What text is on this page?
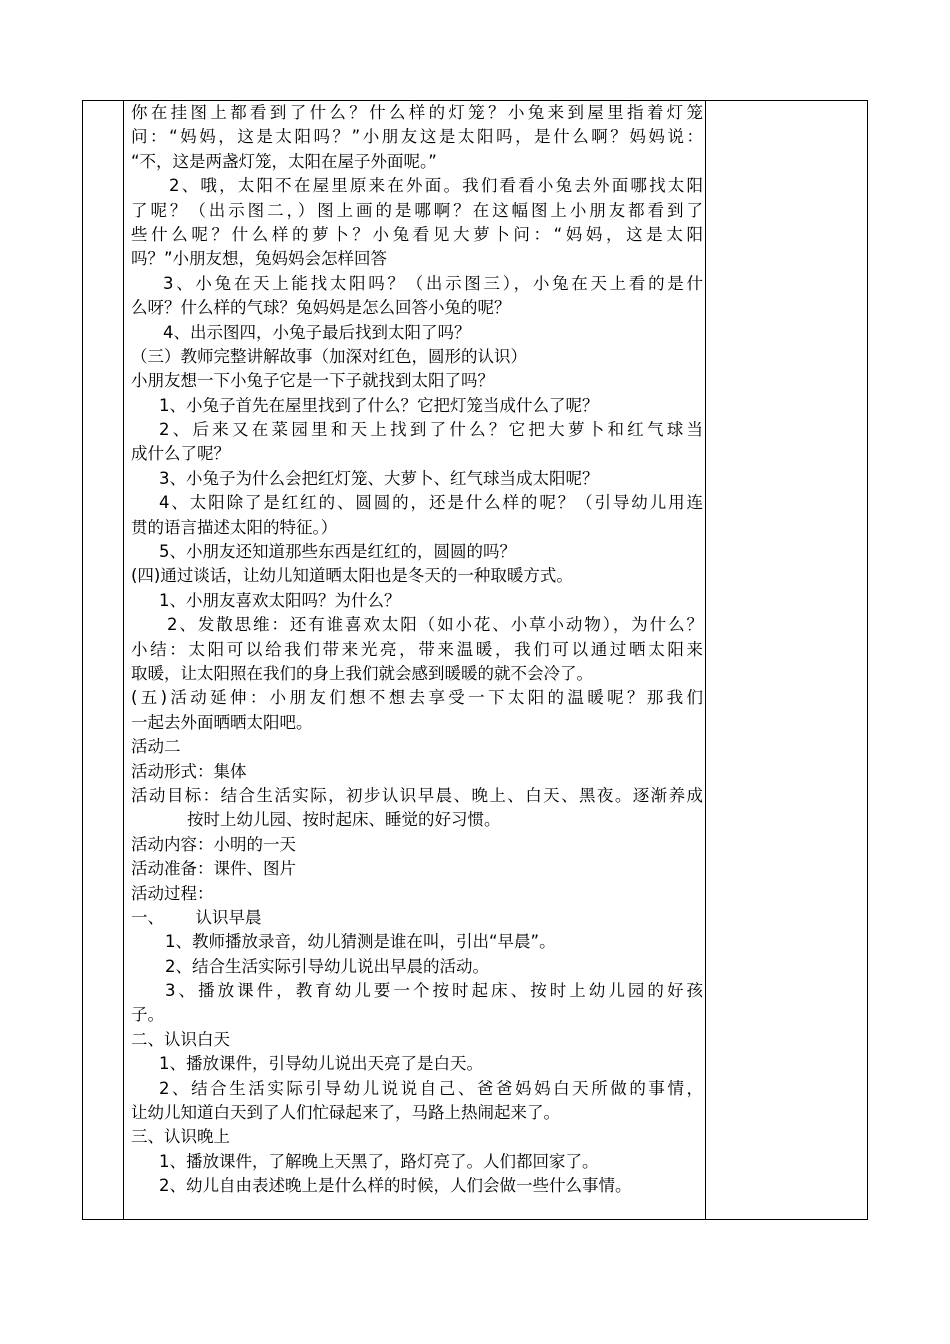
你在挂图上都看到了什么？什么样的灯笼？小兔来到屋里指着灯笼
问：“妈妈，这是太阳吗？”小朋友这是太阳吗，是什么啊？妈妈说：
“不，这是两盏灯笼，太阳在屋子外面呢。”
2、哦，太阳不在屋里原来在外面。我们看看小兔去外面哪找太阳
了呢？（出示图二，）图上画的是哪啊？在这幅图上小朋友都看到了
些什么呢？什么样的萝卜？小兔看见大萝卜问：“妈妈，这是太阳
吗？”小朋友想，兔妈妈会怎样回答
3、小兔在天上能找太阳吗？（出示图三），小兔在天上看的是什
么呀？什么样的气球？兔妈妈是怎么回答小兔的呢？
4、出示图四，小兔子最后找到太阳了吗？
（三）教师完整讲解故事（加深对红色，圆形的认识）
小朋友想一下小兔子它是一下子就找到太阳了吗？
1、小兔子首先在屋里找到了什么？它把灯笼当成什么了呢？
2、后来又在菜园里和天上找到了什么？它把大萝卜和红气球当
成什么了呢？
3、小兔子为什么会把红灯笼、大萝卜、红气球当成太阳呢？
4、太阳除了是红红的、圆圆的，还是什么样的呢？（引导幼儿用连
贯的语言描述太阳的特征。）
5、小朋友还知道那些东西是红红的，圆圆的吗？
(四)通过谈话，让幼儿知道晒太阳也是冬天的一种取暖方式。
1、小朋友喜欢太阳吗？为什么？
2、发散思维：还有谁喜欢太阳（如小花、小草小动物），为什么？
小结：太阳可以给我们带来光亮，带来温暖，我们可以通过晒太阳来
取暖，让太阳照在我们的身上我们就会感到暖暖的就不会冷了。
(五)活动延伸：小朋友们想不想去享受一下太阳的温暖呢？那我们
一起去外面晒晒太阳吧。
活动二
活动形式：集体
活动目标：结合生活实际，初步认识早晨、晚上、白天、黑夜。逐渐养成
按时上幼儿园、按时起床、睡觉的好习惯。
活动内容：小明的一天
活动准备：课件、图片
活动过程：
一、      认识早晨
1、教师播放录音，幼儿猜测是谁在叫，引出“早晨”。
2、结合生活实际引导幼儿说出早晨的活动。
3、播放课件，教育幼儿要一个按时起床、按时上幼儿园的好孩
子。
二、认识白天
1、播放课件，引导幼儿说出天亮了是白天。
2、结合生活实际引导幼儿说说自己、爸爸妈妈白天所做的事情，
让幼儿知道白天到了人们忙碌起来了，马路上热闹起来了。
三、认识晚上
1、播放课件，了解晚上天黑了，路灯亮了。人们都回家了。
2、幼儿自由表述晚上是什么样的时候，人们会做一些什么事情。
